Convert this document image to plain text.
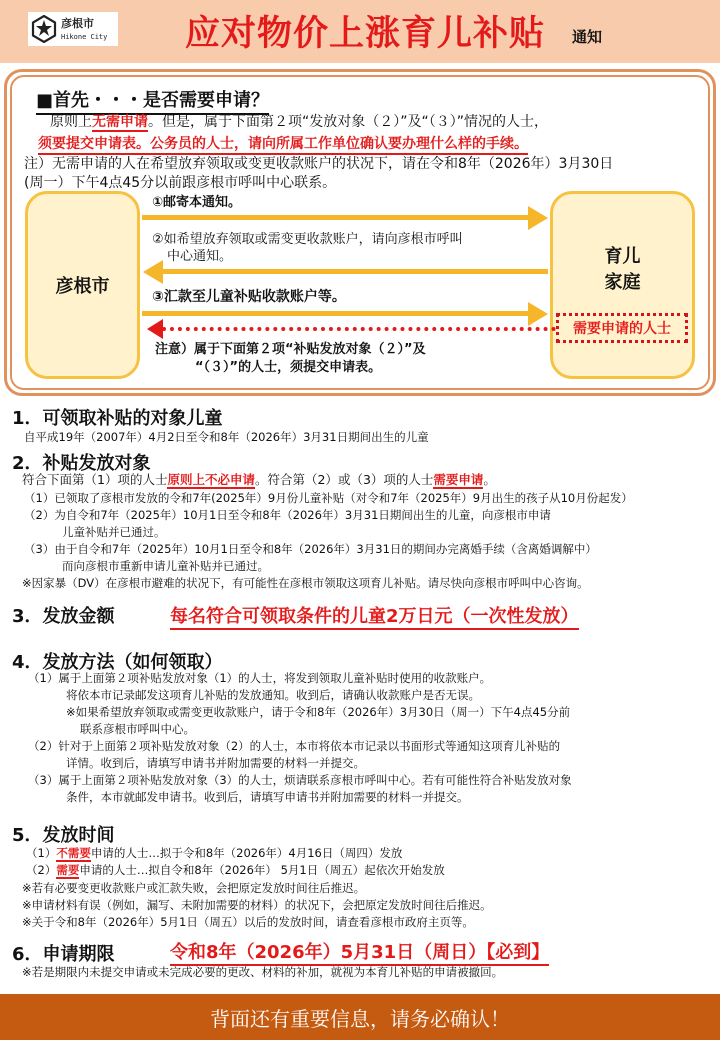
彦根市
Hikone City 应对物价上涨育儿补贴 通知
■首先・・・是否需要申请？
原则上无需申请。但是，属于下面第２项“发放对象（２）”及“（３）”情况的人士，
须要提交申请表。公务员的人士，请向所属工作单位确认要办理什么样的手续。
注）无需申请的人在希望放弃领取或变更收款账户的状况下，请在令和8年（2026年）3月30日
(周一）下午4点45分以前跟彦根市呼叫中心联系。
彦根市
育儿
家庭
需要申请的人士
①邮寄本通知。
②如希望放弃领取或需变更收款账户，请向彦根市呼叫
中心通知。
③汇款至儿童补贴收款账户等。
注意）属于下面第２项“补贴发放对象（２）”及
“（３）”的人士，须提交申请表。
1．可领取补贴的对象儿童
自平成19年（2007年）4月2日至令和8年（2026年）3月31日期间出生的儿童
2．补贴发放对象
符合下面第（1）项的人士原则上不必申请。符合第（2）或（3）项的人士需要申请。
（1）已领取了彦根市发放的令和7年(2025年）9月份儿童补贴（对令和7年（2025年）9月出生的孩子从10月份起发）
（2）为自令和7年（2025年）10月1日至令和8年（2026年）3月31日期间出生的儿童，向彦根市申请
儿童补贴并已通过。
（3）由于自令和7年（2025年）10月1日至令和8年（2026年）3月31日的期间办完离婚手续（含离婚调解中）
而向彦根市重新申请儿童补贴并已通过。
※因家暴（DV）在彦根市避难的状况下，有可能性在彦根市领取这项育儿补贴。请尽快向彦根市呼叫中心咨询。
3．发放金额	每名符合可领取条件的儿童2万日元（一次性发放）
4．发放方法（如何领取）
（1）属于上面第２项补贴发放对象（1）的人士，将发到领取儿童补贴时使用的收款账户。
将依本市记录邮发这项育儿补贴的发放通知。收到后，请确认收款账户是否无误。
※如果希望放弃领取或需变更收款账户，请于令和8年（2026年）3月30日（周一）下午4点45分前
联系彦根市呼叫中心。
（2）针对于上面第２项补贴发放对象（2）的人士，本市将依本市记录以书面形式等通知这项育儿补贴的
详情。收到后，请填写申请书并附加需要的材料一并提交。
（3）属于上面第２项补贴发放对象（3）的人士，烦请联系彦根市呼叫中心。若有可能性符合补贴发放对象
条件，本市就邮发申请书。收到后，请填写申请书并附加需要的材料一并提交。
5．发放时间
（1）不需要申请的人士…拟于令和8年（2026年）4月16日（周四）发放
（2）需要申请的人士…拟自令和8年（2026年） 5月1日（周五）起依次开始发放
※若有必要变更收款账户或汇款失败，会把原定发放时间往后推迟。
※申请材料有误（例如，漏写、未附加需要的材料）的状况下，会把原定发放时间往后推迟。
※关于令和8年（2026年）5月1日（周五）以后的发放时间，请查看彦根市政府主页等。
6．申请期限	令和8年（2026年）5月31日（周日）【必到】
※若是期限内未提交申请或未完成必要的更改、材料的补加，就视为本育儿补贴的申请被撤回。
背面还有重要信息，请务必确认！
